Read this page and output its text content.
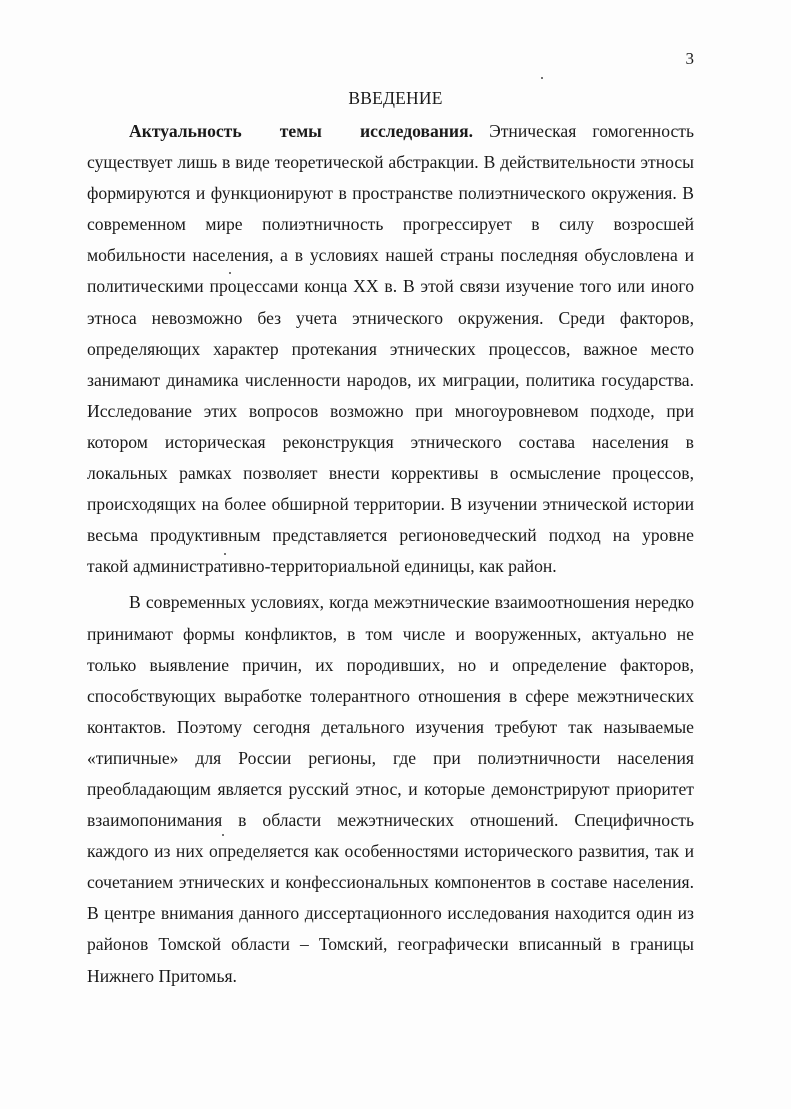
3
ВВЕДЕНИЕ

Актуальность темы исследования. Этническая гомогенность существует лишь в виде теоретической абстракции. В действительности этносы формируются и функционируют в пространстве полиэтнического окружения. В современном мире полиэтничность прогрессирует в силу возросшей мобильности населения, а в условиях нашей страны последняя обусловлена и политическими процессами конца XX в. В этой связи изучение того или иного этноса невозможно без учета этнического окружения. Среди факторов, определяющих характер протекания этнических процессов, важное место занимают динамика численности народов, их миграции, политика государства. Исследование этих вопросов возможно при многоуровневом подходе, при котором историческая реконструкция этнического состава населения в локальных рамках позволяет внести коррективы в осмысление процессов, происходящих на более обширной территории. В изучении этнической истории весьма продуктивным представляется регионоведческий подход на уровне такой административно-территориальной единицы, как район.

В современных условиях, когда межэтнические взаимоотношения нередко принимают формы конфликтов, в том числе и вооруженных, актуально не только выявление причин, их породивших, но и определение факторов, способствующих выработке толерантного отношения в сфере межэтнических контактов. Поэтому сегодня детального изучения требуют так называемые «типичные» для России регионы, где при полиэтничности населения преобладающим является русский этнос, и которые демонстрируют приоритет взаимопонимания в области межэтнических отношений. Специфичность каждого из них определяется как особенностями исторического развития, так и сочетанием этнических и конфессиональных компонентов в составе населения. В центре внимания данного диссертационного исследования находится один из районов Томской области – Томский, географически вписанный в границы Нижнего Притомья.
